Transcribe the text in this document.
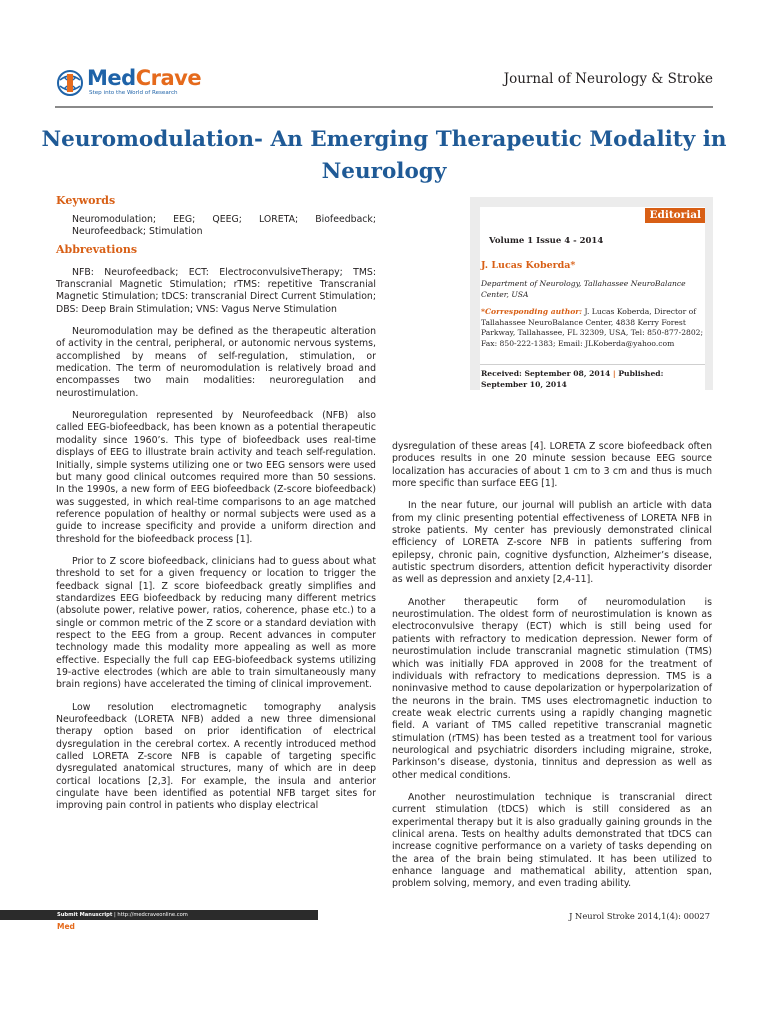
MedCrave
Step into the World of Research
Journal of Neurology & Stroke
Neuromodulation- An Emerging Therapeutic Modality in Neurology
Keywords
Neuromodulation; EEG; QEEG; LORETA; Biofeedback; Neurofeedback; Stimulation
Abbrevations
NFB: Neurofeedback; ECT: ElectroconvulsiveTherapy; TMS: Transcranial Magnetic Stimulation; rTMS: repetitive Transcranial Magnetic Stimulation; tDCS: transcranial Direct Current Stimulation; DBS: Deep Brain Stimulation; VNS: Vagus Nerve Stimulation
Neuromodulation may be defined as the therapeutic alteration of activity in the central, peripheral, or autonomic nervous systems, accomplished by means of self-regulation, stimulation, or medication. The term of neuromodulation is relatively broad and encompasses two main modalities: neuroregulation and neurostimulation.
Neuroregulation represented by Neurofeedback (NFB) also called EEG-biofeedback, has been known as a potential therapeutic modality since 1960’s. This type of biofeedback uses real-time displays of EEG to illustrate brain activity and teach self-regulation. Initially, simple systems utilizing one or two EEG sensors were used but many good clinical outcomes required more than 50 sessions. In the 1990s, a new form of EEG biofeedback (Z-score biofeedback) was suggested, in which real-time comparisons to an age matched reference population of healthy or normal subjects were used as a guide to increase specificity and provide a uniform direction and threshold for the biofeedback process [1].
Prior to Z score biofeedback, clinicians had to guess about what threshold to set for a given frequency or location to trigger the feedback signal [1]. Z score biofeedback greatly simplifies and standardizes EEG biofeedback by reducing many different metrics (absolute power, relative power, ratios, coherence, phase etc.) to a single or common metric of the Z score or a standard deviation with respect to the EEG from a group. Recent advances in computer technology made this modality more appealing as well as more effective. Especially the full cap EEG-biofeedback systems utilizing 19-active electrodes (which are able to train simultaneously many brain regions) have accelerated the timing of clinical improvement.
Low resolution electromagnetic tomography analysis Neurofeedback (LORETA NFB) added a new three dimensional therapy option based on prior identification of electrical dysregulation in the cerebral cortex. A recently introduced method called LORETA Z-score NFB is capable of targeting specific dysregulated anatomical structures, many of which are in deep cortical locations [2,3]. For example, the insula and anterior cingulate have been identified as potential NFB target sites for improving pain control in patients who display electrical
Editorial
Volume 1 Issue 4 - 2014
J. Lucas Koberda*
Department of Neurology, Tallahassee NeuroBalance Center, USA
*Corresponding author: J. Lucas Koberda, Director of Tallahassee NeuroBalance Center, 4838 Kerry Forest Parkway, Tallahassee, FL 32309, USA, Tel: 850-877-2802; Fax: 850-222-1383; Email: JLKoberda@yahoo.com
Received: September 08, 2014 | Published: September 10, 2014
dysregulation of these areas [4]. LORETA Z score biofeedback often produces results in one 20 minute session because EEG source localization has accuracies of about 1 cm to 3 cm and thus is much more specific than surface EEG [1].
In the near future, our journal will publish an article with data from my clinic presenting potential effectiveness of LORETA NFB in stroke patients. My center has previously demonstrated clinical efficiency of LORETA Z-score NFB in patients suffering from epilepsy, chronic pain, cognitive dysfunction, Alzheimer’s disease, autistic spectrum disorders, attention deficit hyperactivity disorder as well as depression and anxiety [2,4-11].
Another therapeutic form of neuromodulation is neurostimulation. The oldest form of neurostimulation is known as electroconvulsive therapy (ECT) which is still being used for patients with refractory to medication depression. Newer form of neurostimulation include transcranial magnetic stimulation (TMS) which was initially FDA approved in 2008 for the treatment of individuals with refractory to medications depression. TMS is a noninvasive method to cause depolarization or hyperpolarization of the neurons in the brain. TMS uses electromagnetic induction to create weak electric currents using a rapidly changing magnetic field. A variant of TMS called repetitive transcranial magnetic stimulation (rTMS) has been tested as a treatment tool for various neurological and psychiatric disorders including migraine, stroke, Parkinson’s disease, dystonia, tinnitus and depression as well as other medical conditions.
Another neurostimulation technique is transcranial direct current stimulation (tDCS) which is still considered as an experimental therapy but it is also gradually gaining grounds in the clinical arena. Tests on healthy adults demonstrated that tDCS can increase cognitive performance on a variety of tasks depending on the area of the brain being stimulated. It has been utilized to enhance language and mathematical ability, attention span, problem solving, memory, and even trading ability.
Submit Manuscript | http://medcraveonline.com
Med
J Neurol Stroke 2014,1(4): 00027
